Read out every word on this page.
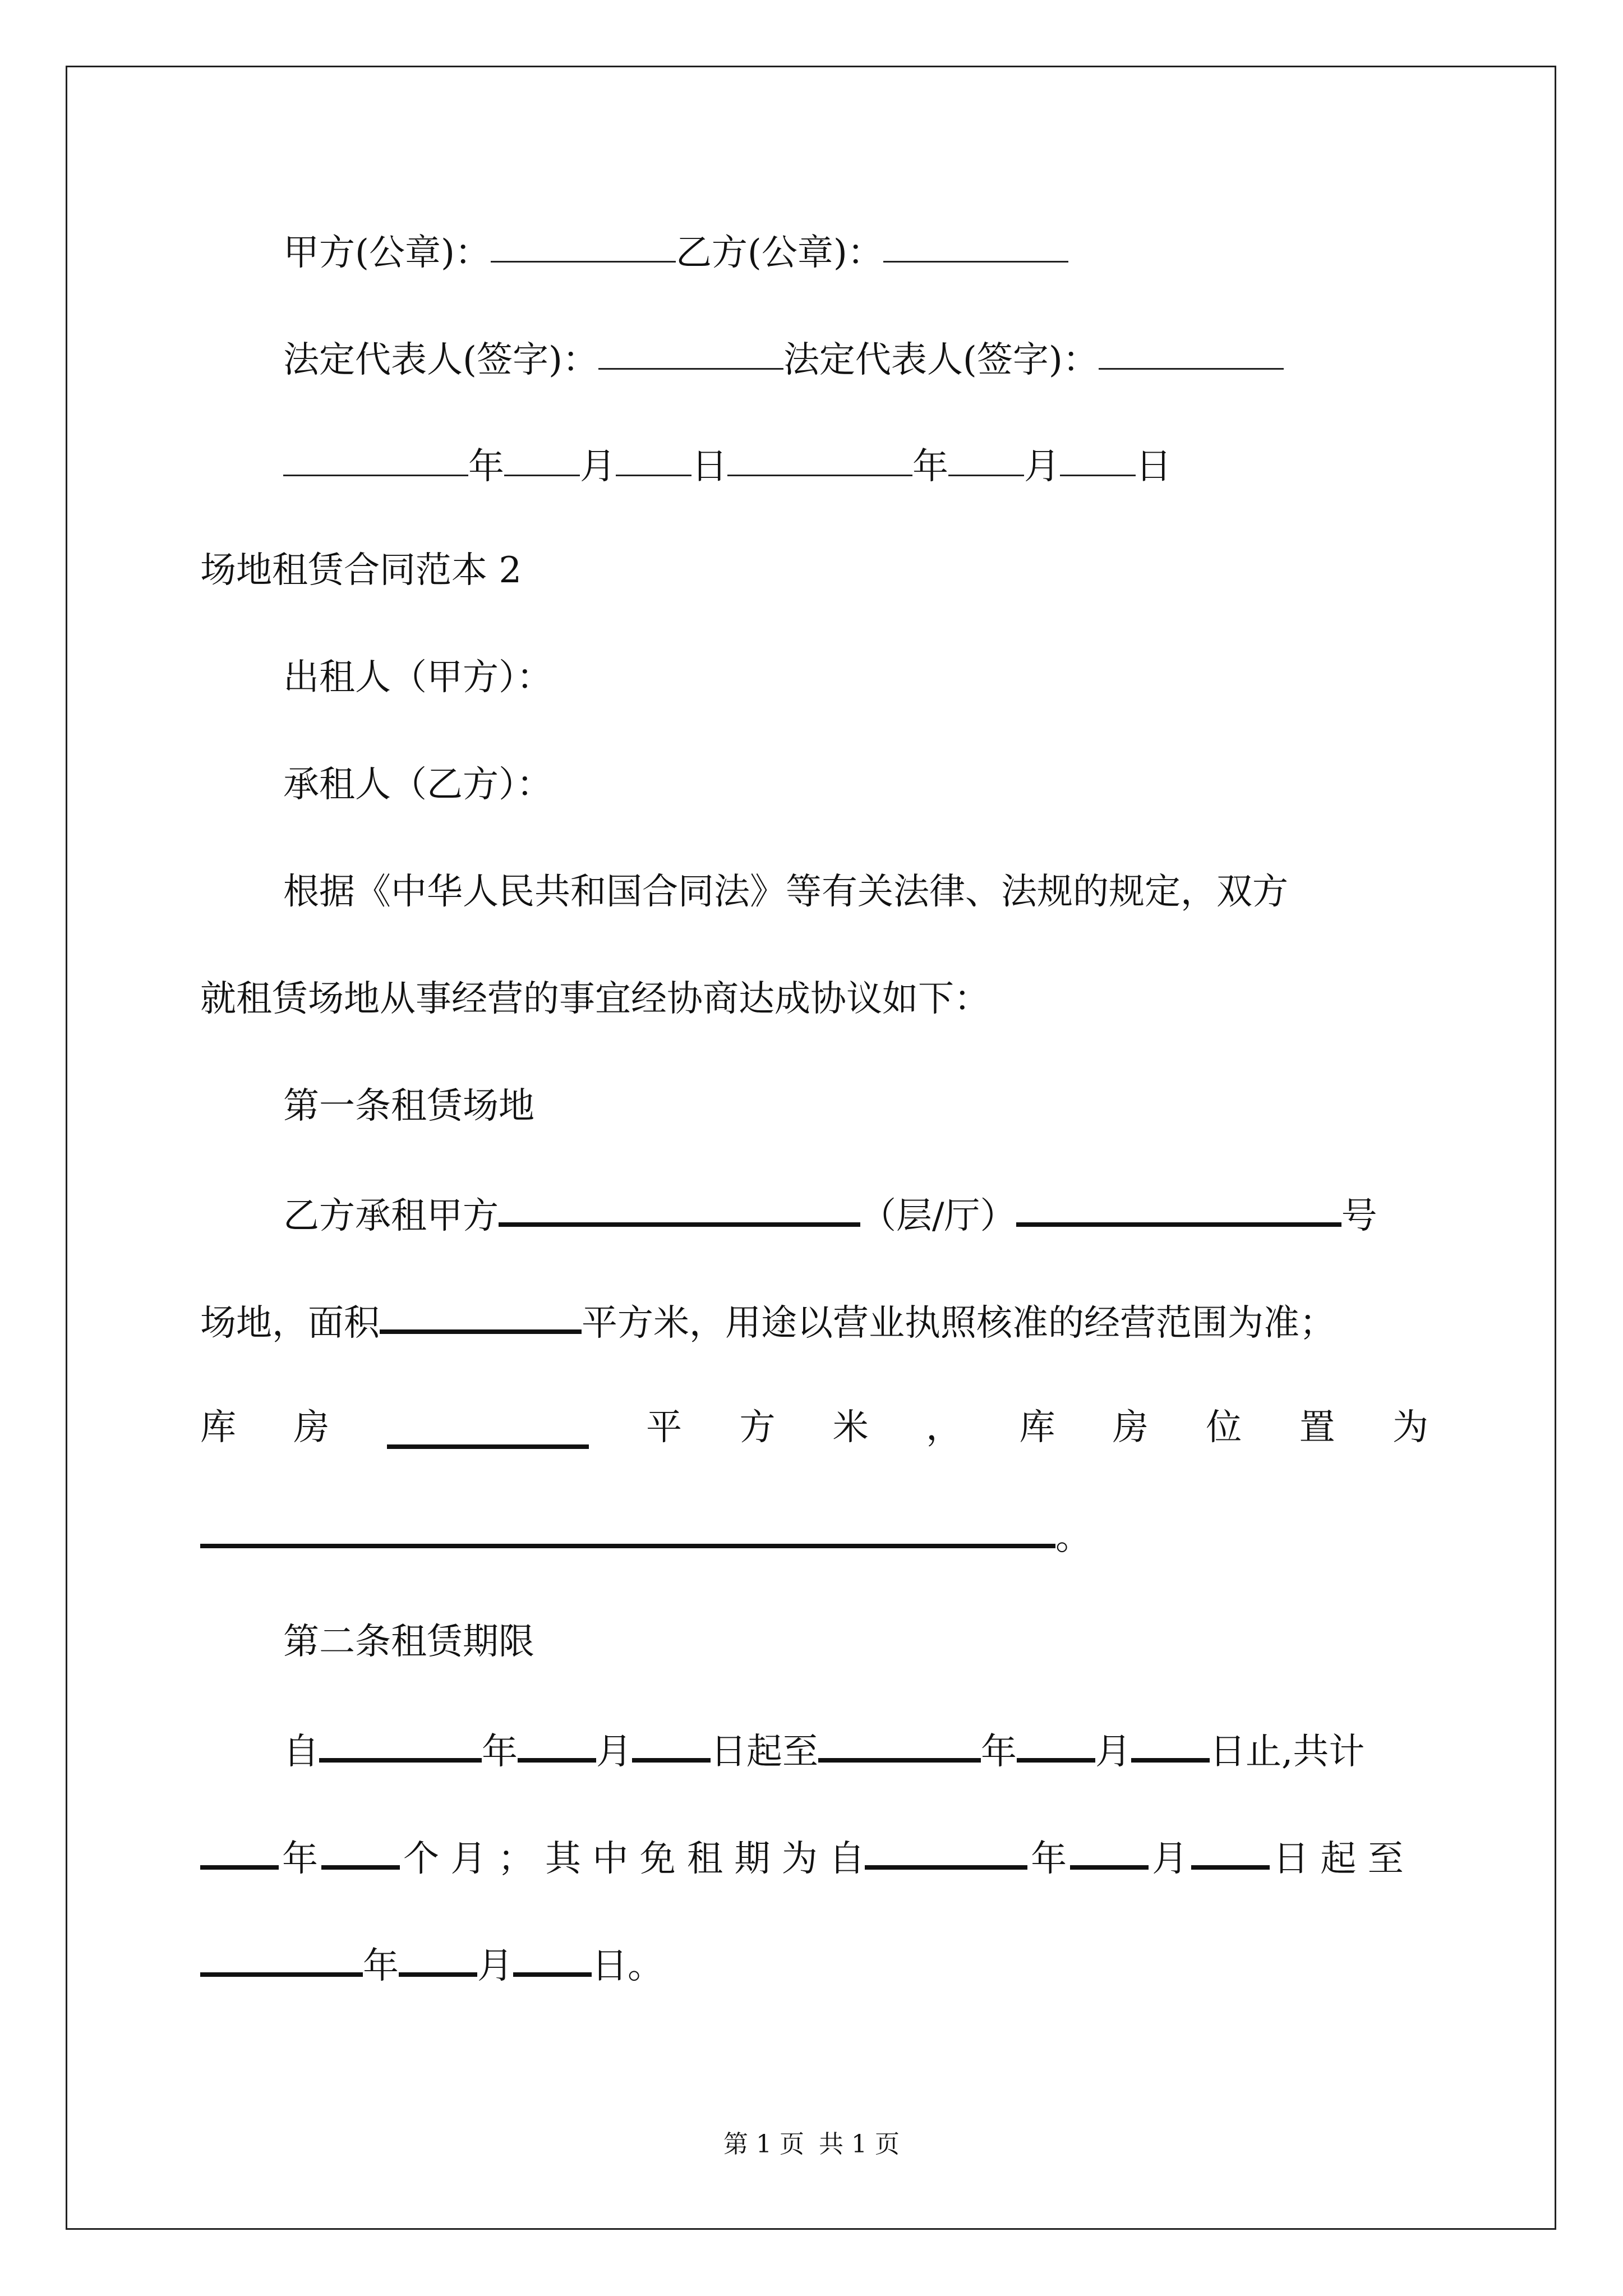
甲方(公章)：	乙方(公章)：
法定代表人(签字)：	法定代表人(签字)：
年 月 日	年 月 日
场地租赁合同范本 2
出租人（甲方）：
承租人（乙方）：
根据《中华人民共和国合同法》等有关法律、法规的规定，双方
就租赁场地从事经营的事宜经协商达成协议如下：
第一条租赁场地
乙方承租甲方	（层/厅）	号
场地，面积	平方米，用途以营业执照核准的经营范围为准；
库 房	平 方 米 ， 库 房 位 置 为
。
第二条租赁期限
自	年 月 日起至	年 月 日止,共计
年 个 月 ； 其 中 免 租 期 为 自	年 月 日 起 至
年 月 日。
第 1 页 共 1 页
